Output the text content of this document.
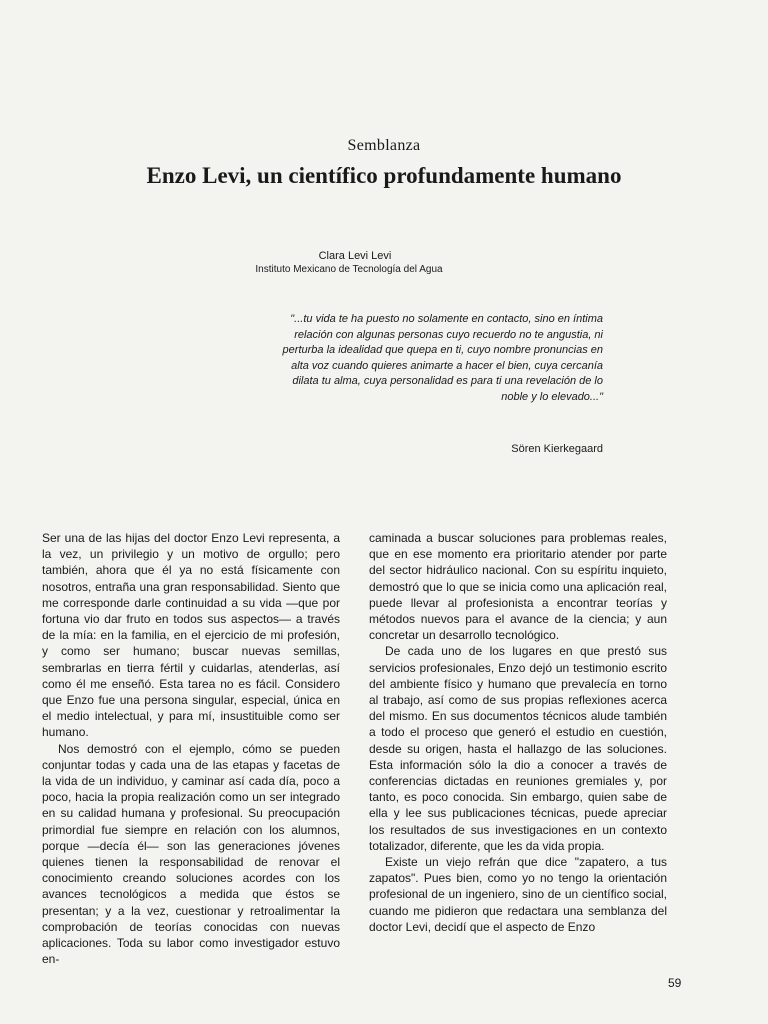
Semblanza
Enzo Levi, un científico profundamente humano
Clara Levi Levi
Instituto Mexicano de Tecnología del Agua
"...tu vida te ha puesto no solamente en contacto, sino en íntima relación con algunas personas cuyo recuerdo no te angustia, ni perturba la idealidad que quepa en ti, cuyo nombre pronuncias en alta voz cuando quieres animarte a hacer el bien, cuya cercanía dilata tu alma, cuya personalidad es para ti una revelación de lo noble y lo elevado..."
Sören Kierkegaard

Ser una de las hijas del doctor Enzo Levi representa, a la vez, un privilegio y un motivo de orgullo; pero también, ahora que él ya no está físicamente con nosotros, entraña una gran responsabilidad. Siento que me corresponde darle continuidad a su vida —que por fortuna vio dar fruto en todos sus aspectos— a través de la mía: en la familia, en el ejercicio de mi profesión, y como ser humano; buscar nuevas semillas, sembrarlas en tierra fértil y cuidarlas, atenderlas, así como él me enseñó. Esta tarea no es fácil. Considero que Enzo fue una persona singular, especial, única en el medio intelectual, y para mí, insustituible como ser humano.

Nos demostró con el ejemplo, cómo se pueden conjuntar todas y cada una de las etapas y facetas de la vida de un individuo, y caminar así cada día, poco a poco, hacia la propia realización como un ser integrado en su calidad humana y profesional. Su preocupación primordial fue siempre en relación con los alumnos, porque —decía él— son las generaciones jóvenes quienes tienen la responsabilidad de renovar el conocimiento creando soluciones acordes con los avances tecnológicos a medida que éstos se presentan; y a la vez, cuestionar y retroalimentar la comprobación de teorías conocidas con nuevas aplicaciones. Toda su labor como investigador estuvo en-

caminada a buscar soluciones para problemas reales, que en ese momento era prioritario atender por parte del sector hidráulico nacional. Con su espíritu inquieto, demostró que lo que se inicia como una aplicación real, puede llevar al profesionista a encontrar teorías y métodos nuevos para el avance de la ciencia; y aun concretar un desarrollo tecnológico.

De cada uno de los lugares en que prestó sus servicios profesionales, Enzo dejó un testimonio escrito del ambiente físico y humano que prevalecía en torno al trabajo, así como de sus propias reflexiones acerca del mismo. En sus documentos técnicos alude también a todo el proceso que generó el estudio en cuestión, desde su origen, hasta el hallazgo de las soluciones. Esta información sólo la dio a conocer a través de conferencias dictadas en reuniones gremiales y, por tanto, es poco conocida. Sin embargo, quien sabe de ella y lee sus publicaciones técnicas, puede apreciar los resultados de sus investigaciones en un contexto totalizador, diferente, que les da vida propia.

Existe un viejo refrán que dice "zapatero, a tus zapatos". Pues bien, como yo no tengo la orientación profesional de un ingeniero, sino de un científico social, cuando me pidieron que redactara una semblanza del doctor Levi, decidí que el aspecto de Enzo

59
